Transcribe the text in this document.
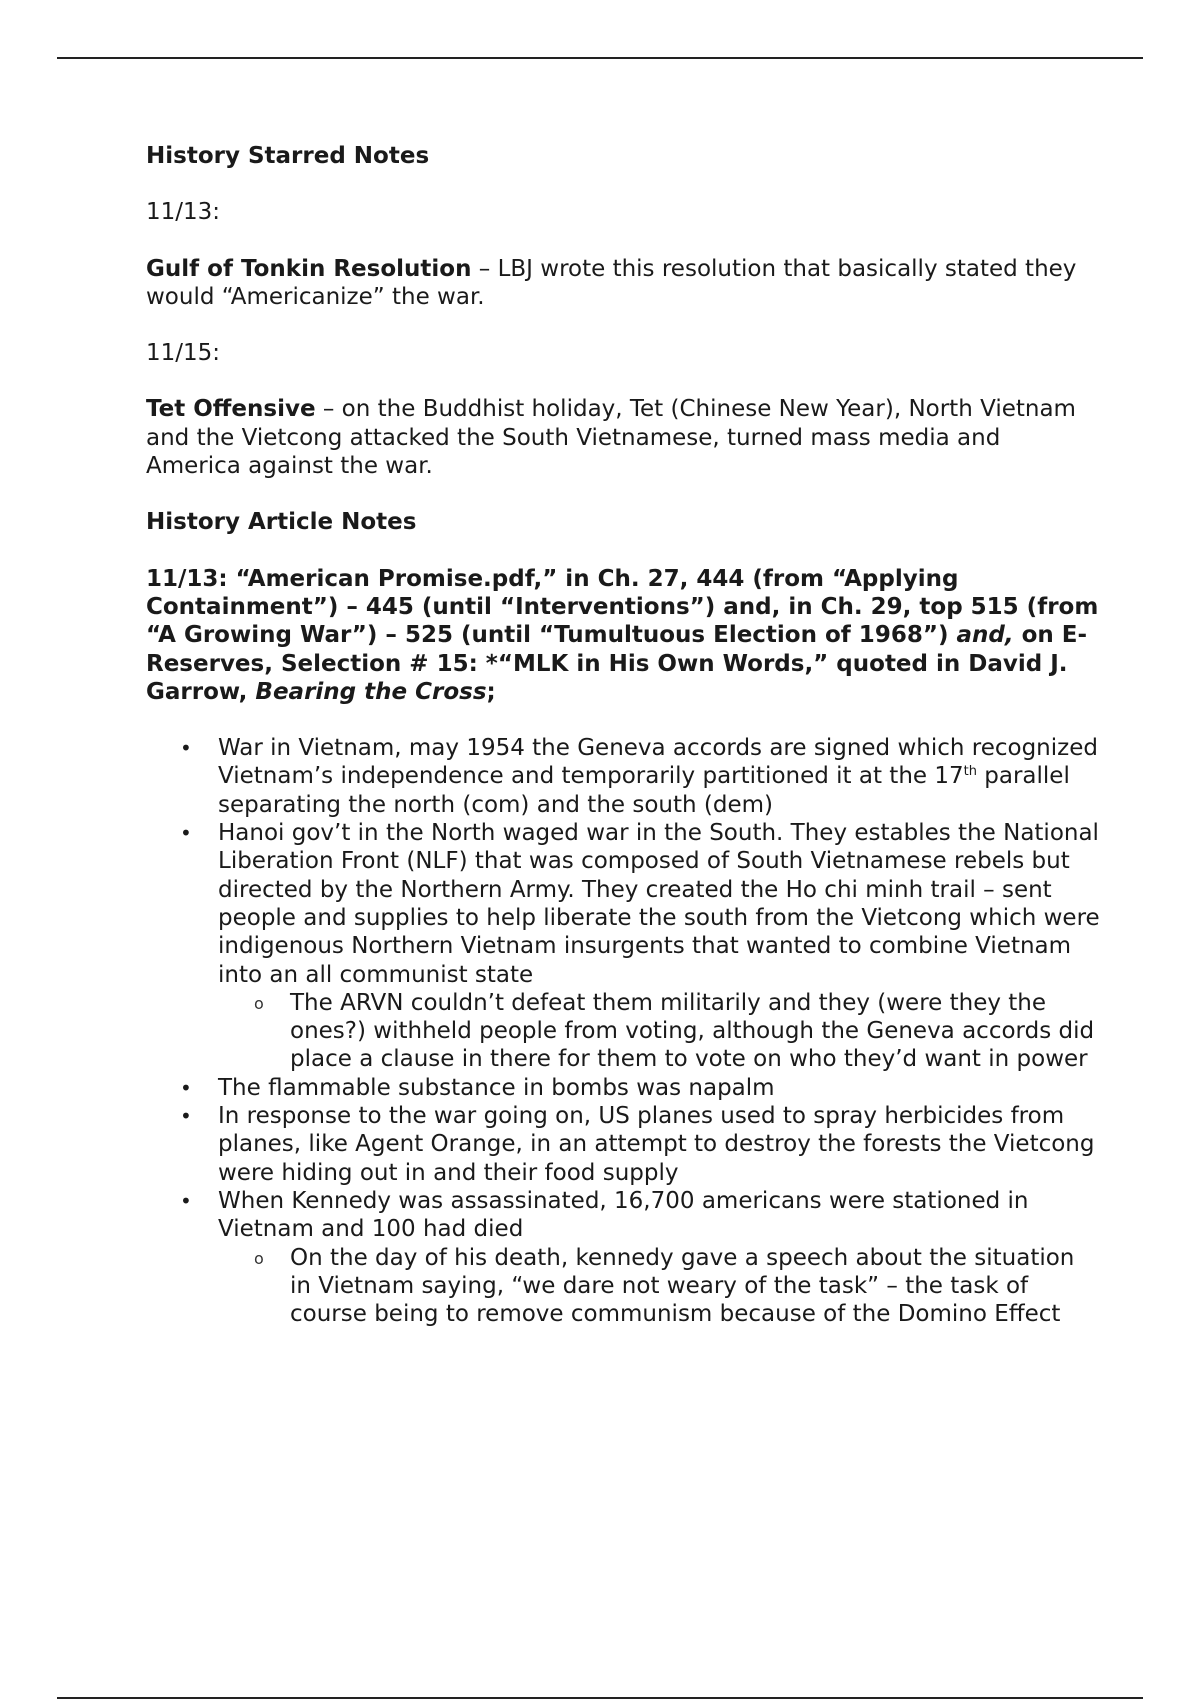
History Starred Notes

11/13:

Gulf of Tonkin Resolution – LBJ wrote this resolution that basically stated they would “Americanize” the war.

11/15:

Tet Offensive – on the Buddhist holiday, Tet (Chinese New Year), North Vietnam and the Vietcong attacked the South Vietnamese, turned mass media and America against the war.

History Article Notes

11/13: “American Promise.pdf,” in Ch. 27, 444 (from “Applying Containment”) – 445 (until “Interventions”) and, in Ch. 29, top 515 (from “A Growing War”) – 525 (until “Tumultuous Election of 1968”) and, on E-Reserves, Selection # 15: *“MLK in His Own Words,” quoted in David J. Garrow, Bearing the Cross;

• War in Vietnam, may 1954 the Geneva accords are signed which recognized Vietnam’s independence and temporarily partitioned it at the 17th parallel separating the north (com) and the south (dem)
• Hanoi gov’t in the North waged war in the South. They estables the National Liberation Front (NLF) that was composed of South Vietnamese rebels but directed by the Northern Army. They created the Ho chi minh trail – sent people and supplies to help liberate the south from the Vietcong which were indigenous Northern Vietnam insurgents that wanted to combine Vietnam into an all communist state
o The ARVN couldn’t defeat them militarily and they (were they the ones?) withheld people from voting, although the Geneva accords did place a clause in there for them to vote on who they’d want in power
• The flammable substance in bombs was napalm
• In response to the war going on, US planes used to spray herbicides from planes, like Agent Orange, in an attempt to destroy the forests the Vietcong were hiding out in and their food supply
• When Kennedy was assassinated, 16,700 americans were stationed in Vietnam and 100 had died
o On the day of his death, kennedy gave a speech about the situation in Vietnam saying, “we dare not weary of the task” – the task of course being to remove communism because of the Domino Effect
